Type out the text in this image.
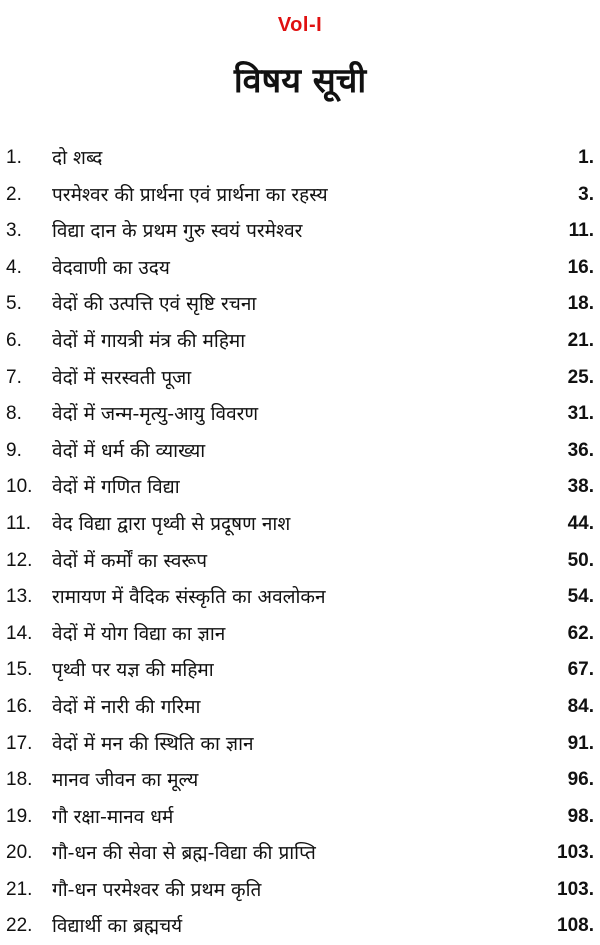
Vol-I
विषय सूची
1. दो शब्द	1.
2. परमेश्वर की प्रार्थना एवं प्रार्थना का रहस्य	3.
3. विद्या दान के प्रथम गुरु स्वयं परमेश्वर	11.
4. वेदवाणी का उदय	16.
5. वेदों की उत्पत्ति एवं सृष्टि रचना	18.
6. वेदों में गायत्री मंत्र की महिमा	21.
7. वेदों में सरस्वती पूजा	25.
8. वेदों में जन्म-मृत्यु-आयु विवरण	31.
9. वेदों में धर्म की व्याख्या	36.
10. वेदों में गणित विद्या	38.
11. वेद विद्या द्वारा पृथ्वी से प्रदूषण नाश	44.
12. वेदों में कर्मों का स्वरूप	50.
13. रामायण में वैदिक संस्कृति का अवलोकन	54.
14. वेदों में योग विद्या का ज्ञान	62.
15. पृथ्वी पर यज्ञ की महिमा	67.
16. वेदों में नारी की गरिमा	84.
17. वेदों में मन की स्थिति का ज्ञान	91.
18. मानव जीवन का मूल्य	96.
19. गौ रक्षा-मानव धर्म	98.
20. गौ-धन की सेवा से ब्रह्म-विद्या की प्राप्ति	103.
21. गौ-धन परमेश्वर की प्रथम कृति	103.
22. विद्यार्थी का ब्रह्मचर्य	108.
